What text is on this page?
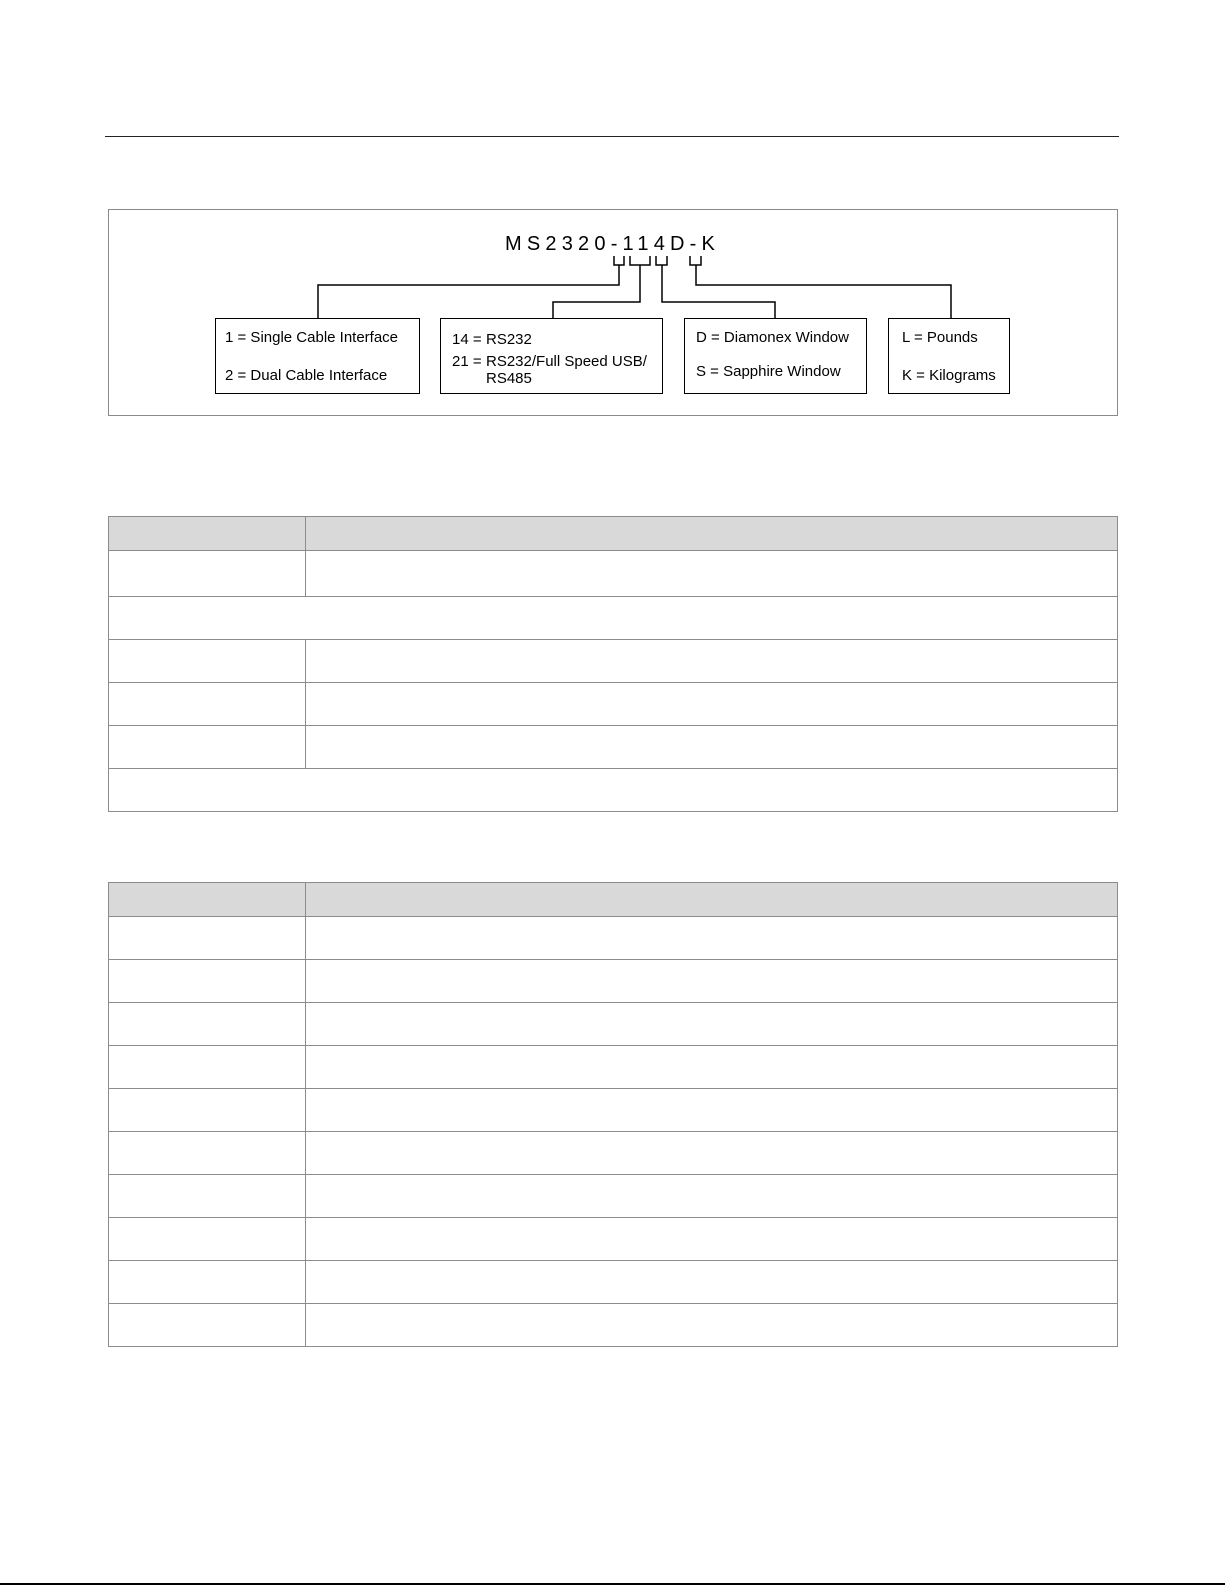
MS2320-114D-K
1 = Single Cable Interface
2 = Dual Cable Interface
14 = RS232
21 = RS232/Full Speed USB/
RS485
D = Diamonex Window
S = Sapphire Window
L = Pounds
K = Kilograms
